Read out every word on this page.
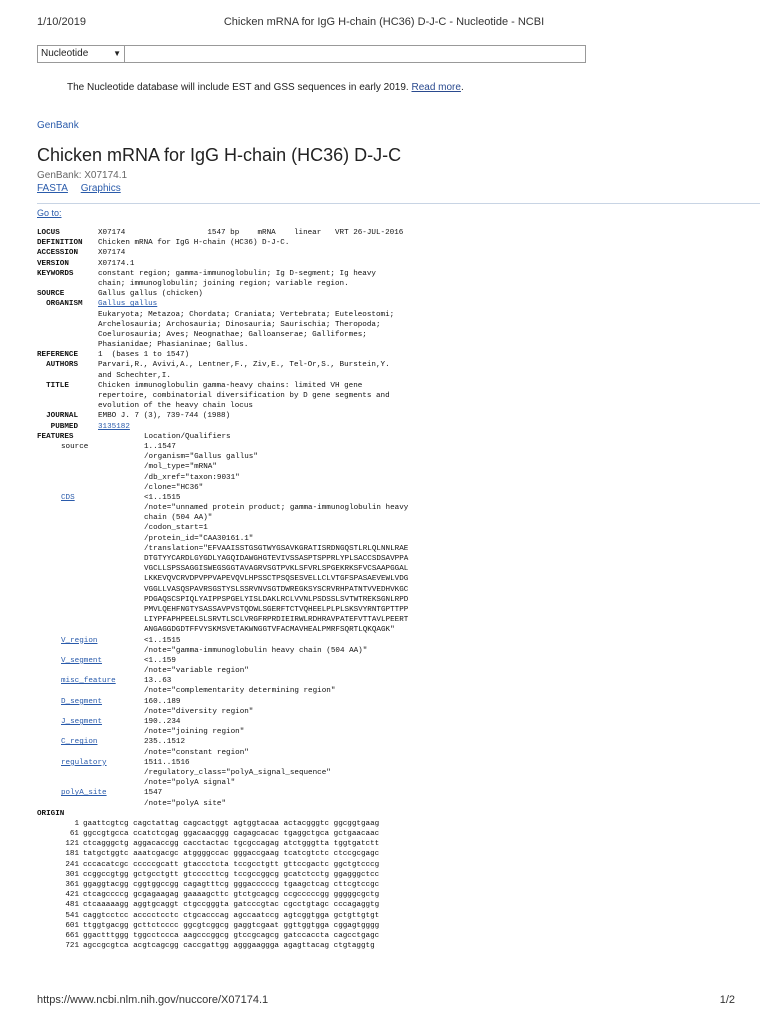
1/10/2019	Chicken mRNA for IgG H-chain (HC36) D-J-C - Nucleotide - NCBI
Nucleotide	▼
The Nucleotide database will include EST and GSS sequences in early 2019. Read more.
GenBank
Chicken mRNA for IgG H-chain (HC36) D-J-C
GenBank: X07174.1
FASTA Graphics
Go to:
LOCUS	X07174                  1547 bp    mRNA    linear   VRT 26-JUL-2016
DEFINITION Chicken mRNA for IgG H-chain (HC36) D-J-C.
ACCESSION	X07174
VERSION	X07174.1
KEYWORDS	constant region; gamma-immunoglobulin; Ig D-segment; Ig heavy
chain; immunoglobulin; joining region; variable region.
SOURCE	Gallus gallus (chicken)
ORGANISM Gallus gallus
Eukaryota; Metazoa; Chordata; Craniata; Vertebrata; Euteleostomi;
Archelosauria; Archosauria; Dinosauria; Saurischia; Theropoda;
Coelurosauria; Aves; Neognathae; Galloanserae; Galliformes;
Phasianidae; Phasianinae; Gallus.
REFERENCE	1  (bases 1 to 1547)
AUTHORS	Parvari,R., Avivi,A., Lentner,F., Ziv,E., Tel-Or,S., Burstein,Y.
and Schechter,I.
TITLE	Chicken immunoglobulin gamma-heavy chains: limited VH gene
repertoire, combinatorial diversification by D gene segments and
evolution of the heavy chain locus
JOURNAL	EMBO J. 7 (3), 739-744 (1988)
PUBMED	3135182
FEATURES	Location/Qualifiers
source	1..1547
/organism="Gallus gallus"
/mol_type="mRNA"
/db_xref="taxon:9031"
/clone="HC36"
CDS	<1..1515
/note="unnamed protein product; gamma-immunoglobulin heavy
chain (504 AA)"
/codon_start=1
/protein_id="CAA30161.1"
/translation="EFVAAISSTGSGTWYGSAVKGRATISRDNGQSTLRLQLNNLRAE
DTGTYYCARDLGYGDLYAGQIDAWGHGTEVIVSSASPTSPPRLYPLSACCSDSAVPPA
VGCLLSPSSAGGISWEGSGGTAVAGRVSGTPVKLSFVRLSPGEKRKSFVCSAAPGGAL
LKKEVQVCRVDPVPPVAPEVQVLHPSSCTPSQSESVELLCLVTGFSPASAEVEWLVDG
VGGLLVASQSPAVRSGSTYSLSSRVNVSGTDWREGKSYSCRVRHPATNTVVEDHVKGC
PDGAQSCSPIQLYAIPPSPGELYISLDAKLRCLVVNLPSDSSLSVTWTREKSGNLRPD
PMVLQEHFNGTYSASSAVPVSTQDWLSGERFTCTVQHEELPLPLSKSVYRNTGPTTPP
LIYPFAPHPEELSLSRVTLSCLVRGFRPRDIEIRWLRDHRAVPATEFVTTAVLPEERT
ANGAGGDGDTFFVYSKMSVETAKWNGGTVFACMAVHEALPMRFSQRTLQKQAGK"
V_region	<1..1515
/note="gamma-immunoglobulin heavy chain (504 AA)"
V_segment	<1..159
/note="variable region"
misc_feature	13..63
/note="complementarity determining region"
D_segment	160..189
/note="diversity region"
J_segment	190..234
/note="joining region"
C_region	235..1512
/note="constant region"
regulatory	1511..1516
/regulatory_class="polyA_signal_sequence"
/note="polyA signal"
polyA_site	1547
/note="polyA site"
ORIGIN
1 gaattcgtcg cagctattag cagcactggt agtggtacaa actacgggtc ggcggtgaag
61 ggccgtgcca ccatctcgag ggacaacggg cagagcacac tgaggctgca gctgaacaac
121 ctcagggctg aggacaccgg cacctactac tgcgccagag atctgggtta tggtgatctt
181 tatgctggtc aaatcgacgc atggggccac gggaccgaag tcatcgtctc ctccgcgagc
241 cccacatcgc cccccgcatt gtaccctcta tccgcctgtt gttccgactc ggctgtcccg
301 ccggccgtgg gctgcctgtt gtccccttcg tccgccggcg gcatctcctg ggagggctcc
361 ggaggtacgg cggtggccgg cagagtttcg gggacccccg tgaagctcag cttcgtccgc
421 ctcagccccg gcgagaagag gaaaagcttc gtctgcagcg ccgcccccgg gggggcgctg
481 ctcaaaaagg aggtgcaggt ctgccgggta gatcccgtac cgcctgtagc cccagaggtg
541 caggtcctcc acccctcctc ctgcacccag agccaatccg agtcggtgga gctgttgtgt
601 ttggtgacgg gcttctcccc ggcgtcggcg gaggtcgaat ggttggtgga cggagtgggg
661 ggactttggg tggcctccca aagcccggcg gtccgcagcg gatccaccta cagcctgagc
721 agccgcgtca acgtcagcgg caccgattgg agggaaggga agagttacag ctgtaggtg
https://www.ncbi.nlm.nih.gov/nuccore/X07174.1	1/2
